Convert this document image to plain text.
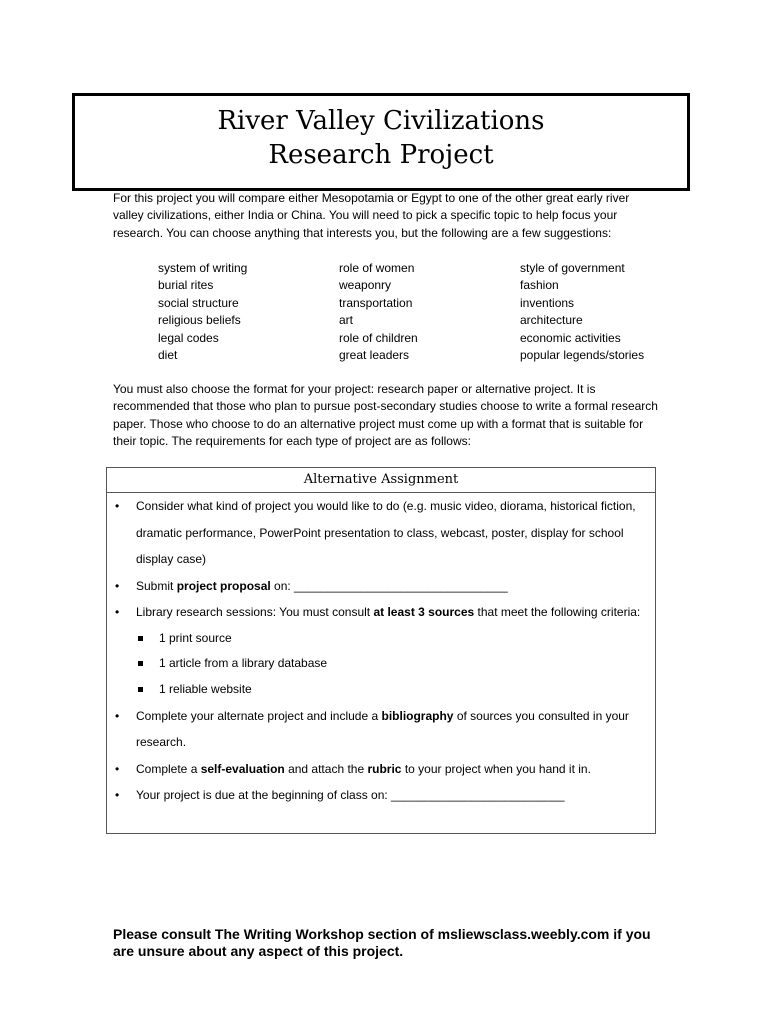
River Valley Civilizations
Research Project
For this project you will compare either Mesopotamia or Egypt to one of the other great early river valley civilizations, either India or China. You will need to pick a specific topic to help focus your research. You can choose anything that interests you, but the following are a few suggestions:
system of writing	role of women	style of government
burial rites	weaponry	fashion
social structure	transportation	inventions
religious beliefs	art	architecture
legal codes	role of children	economic activities
diet	great leaders	popular legends/stories
You must also choose the format for your project: research paper or alternative project. It is recommended that those who plan to pursue post-secondary studies choose to write a formal research paper. Those who choose to do an alternative project must come up with a format that is suitable for their topic. The requirements for each type of project are as follows:
Alternative Assignment
• Consider what kind of project you would like to do (e.g. music video, diorama, historical fiction, dramatic performance, PowerPoint presentation to class, webcast, poster, display for school display case)
• Submit project proposal on: ________________________________
• Library research sessions: You must consult at least 3 sources that meet the following criteria:
1 print source
1 article from a library database
1 reliable website
• Complete your alternate project and include a bibliography of sources you consulted in your research.
• Complete a self-evaluation and attach the rubric to your project when you hand it in.
• Your project is due at the beginning of class on: __________________________
Please consult The Writing Workshop section of msliewsclass.weebly.com if you are unsure about any aspect of this project.
